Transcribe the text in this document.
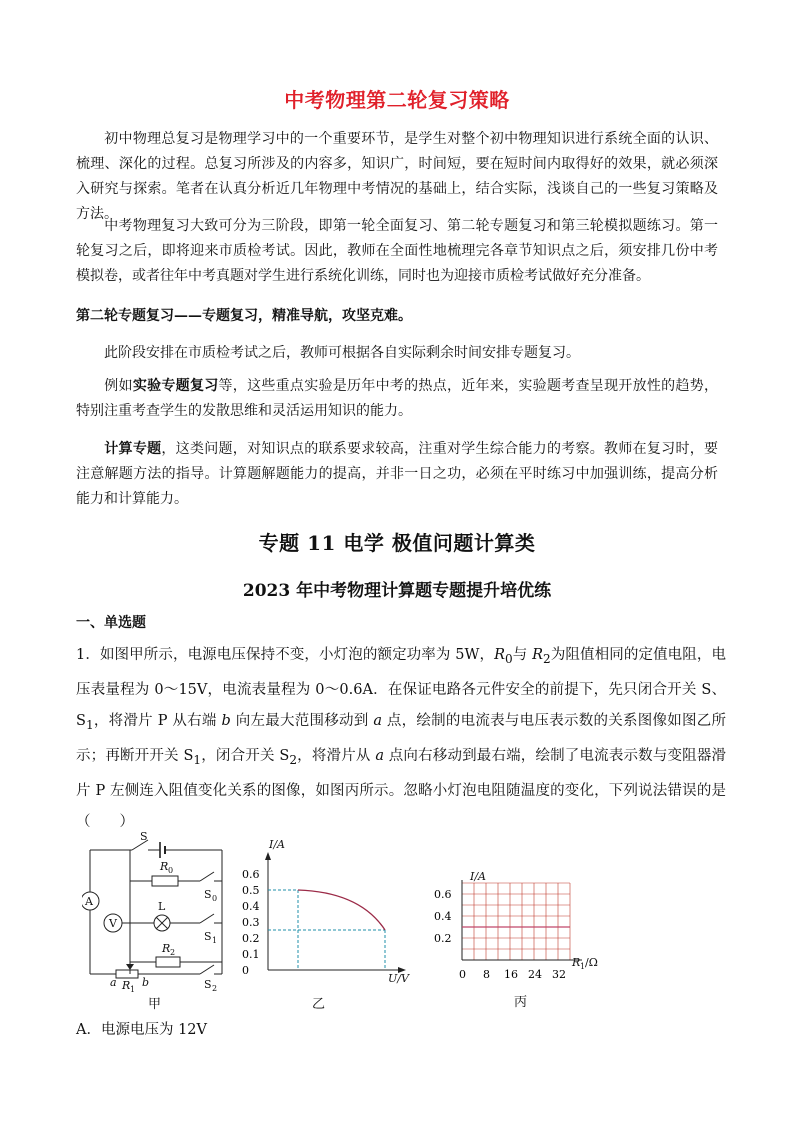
中考物理第二轮复习策略

初中物理总复习是物理学习中的一个重要环节，是学生对整个初中物理知识进行系统全面的认识、梳理、深化的过程。总复习所涉及的内容多，知识广，时间短，要在短时间内取得好的效果，就必须深入研究与探索。笔者在认真分析近几年物理中考情况的基础上，结合实际，浅谈自己的一些复习策略及方法。

中考物理复习大致可分为三阶段，即第一轮全面复习、第二轮专题复习和第三轮模拟题练习。第一轮复习之后，即将迎来市质检考试。因此，教师在全面性地梳理完各章节知识点之后，须安排几份中考模拟卷，或者往年中考真题对学生进行系统化训练，同时也为迎接市质检考试做好充分准备。

第二轮专题复习——专题复习，精准导航，攻坚克难。

此阶段安排在市质检考试之后，教师可根据各自实际剩余时间安排专题复习。

例如实验专题复习等，这些重点实验是历年中考的热点，近年来，实验题考查呈现开放性的趋势，特别注重考查学生的发散思维和灵活运用知识的能力。

计算专题，这类问题，对知识点的联系要求较高，注重对学生综合能力的考察。教师在复习时，要注意解题方法的指导。计算题解题能力的提高，并非一日之功，必须在平时练习中加强训练，提高分析能力和计算能力。

专题 11 电学 极值问题计算类
2023 年中考物理计算题专题提升培优练
一、单选题

1．如图甲所示，电源电压保持不变，小灯泡的额定功率为 5W，$R_0$与 $R_2$为阻值相同的定值电阻，电压表量程为 0～15V，电流表量程为 0～0.6A．在保证电路各元件安全的前提下，先只闭合开关 S、$S_1$，将滑片 P 从右端 b 向左最大范围移动到 a 点，绘制的电流表与电压表示数的关系图像如图乙所示；再断开开关 $S_1$，闭合开关 $S_2$，将滑片从 a 点向右移动到最右端，绘制了电流表示数与变阻器滑片 P 左侧连入阻值变化关系的图像，如图丙所示。忽略小灯泡电阻随温度的变化，下列说法错误的是（　　）

A
V
S
R 0
S 0
L
S 1
R 2
S 2
a R 1
b
甲
I/A
U/V
乙
0.6
0.5
0.4
0.3
0.2
0.1
0
I/A
R 1 /Ω
丙
0.6
0.4
0.2
0 8 16 24 32
A．电源电压为 12V
